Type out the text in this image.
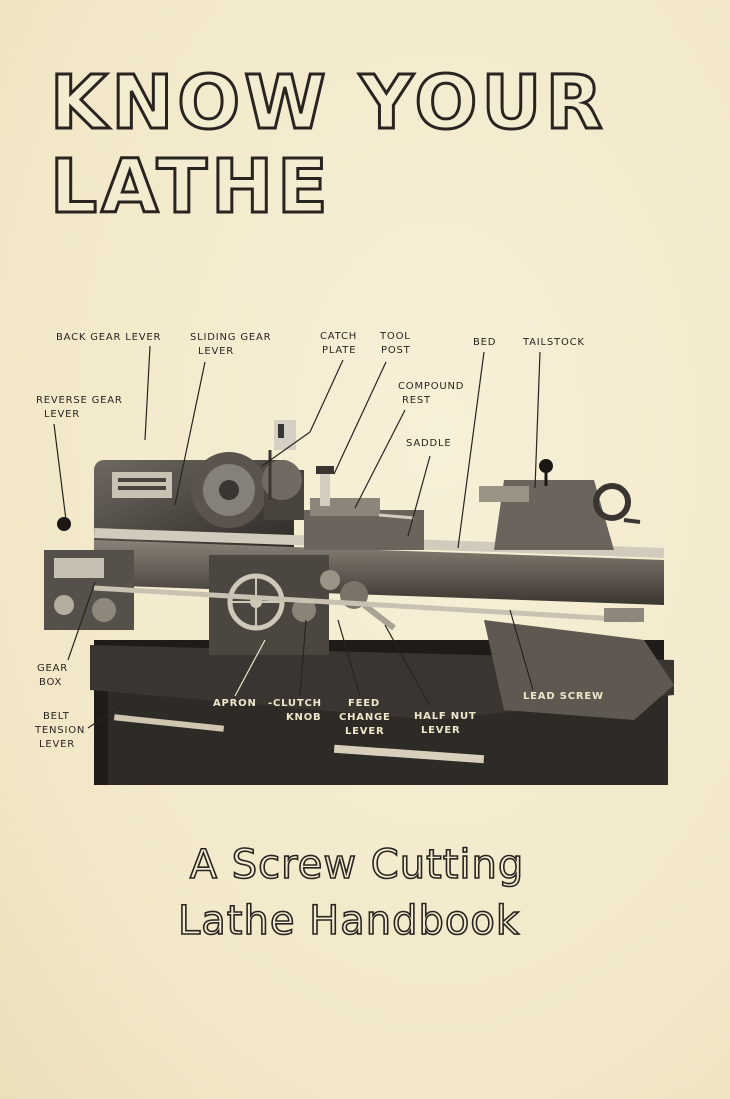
KNOW YOUR
LATHE
BACK GEAR LEVER	SLIDING GEAR
LEVER
CATCH
PLATE
TOOL
POST
BED	TAILSTOCK
COMPOUND
REST
SADDLE
REVERSE GEAR
LEVER
GEAR
BOX
BELT
TENSION
LEVER
APRON -CLUTCH
KNOB
FEED
CHANGE
LEVER
HALF NUT
LEVER
LEAD SCREW
A Screw Cutting
Lathe Handbook
